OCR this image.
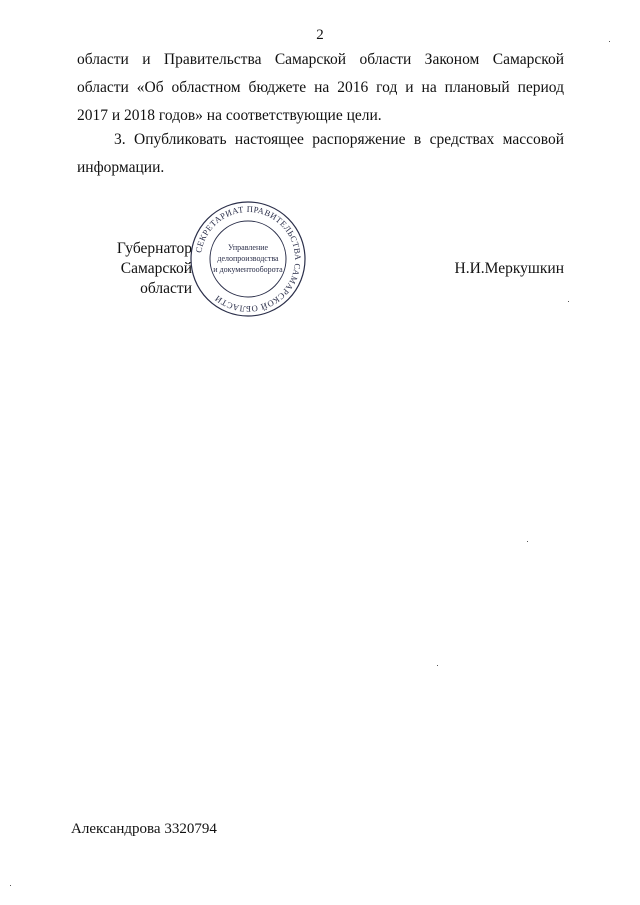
2
области и Правительства Самарской области Законом Самарской
области «Об областном бюджете на 2016 год и на плановый период
2017 и 2018 годов» на соответствующие цели.
3. Опубликовать настоящее распоряжение в средствах массовой
информации.
Губернатор
Самарской области
Н.И.Меркушкин
СЕКРЕТАРИАТ ПРАВИТЕЛЬСТВА САМАРСКОЙ ОБЛАСТИ
Управление
делопроизводства
и документооборота
Александрова 3320794
